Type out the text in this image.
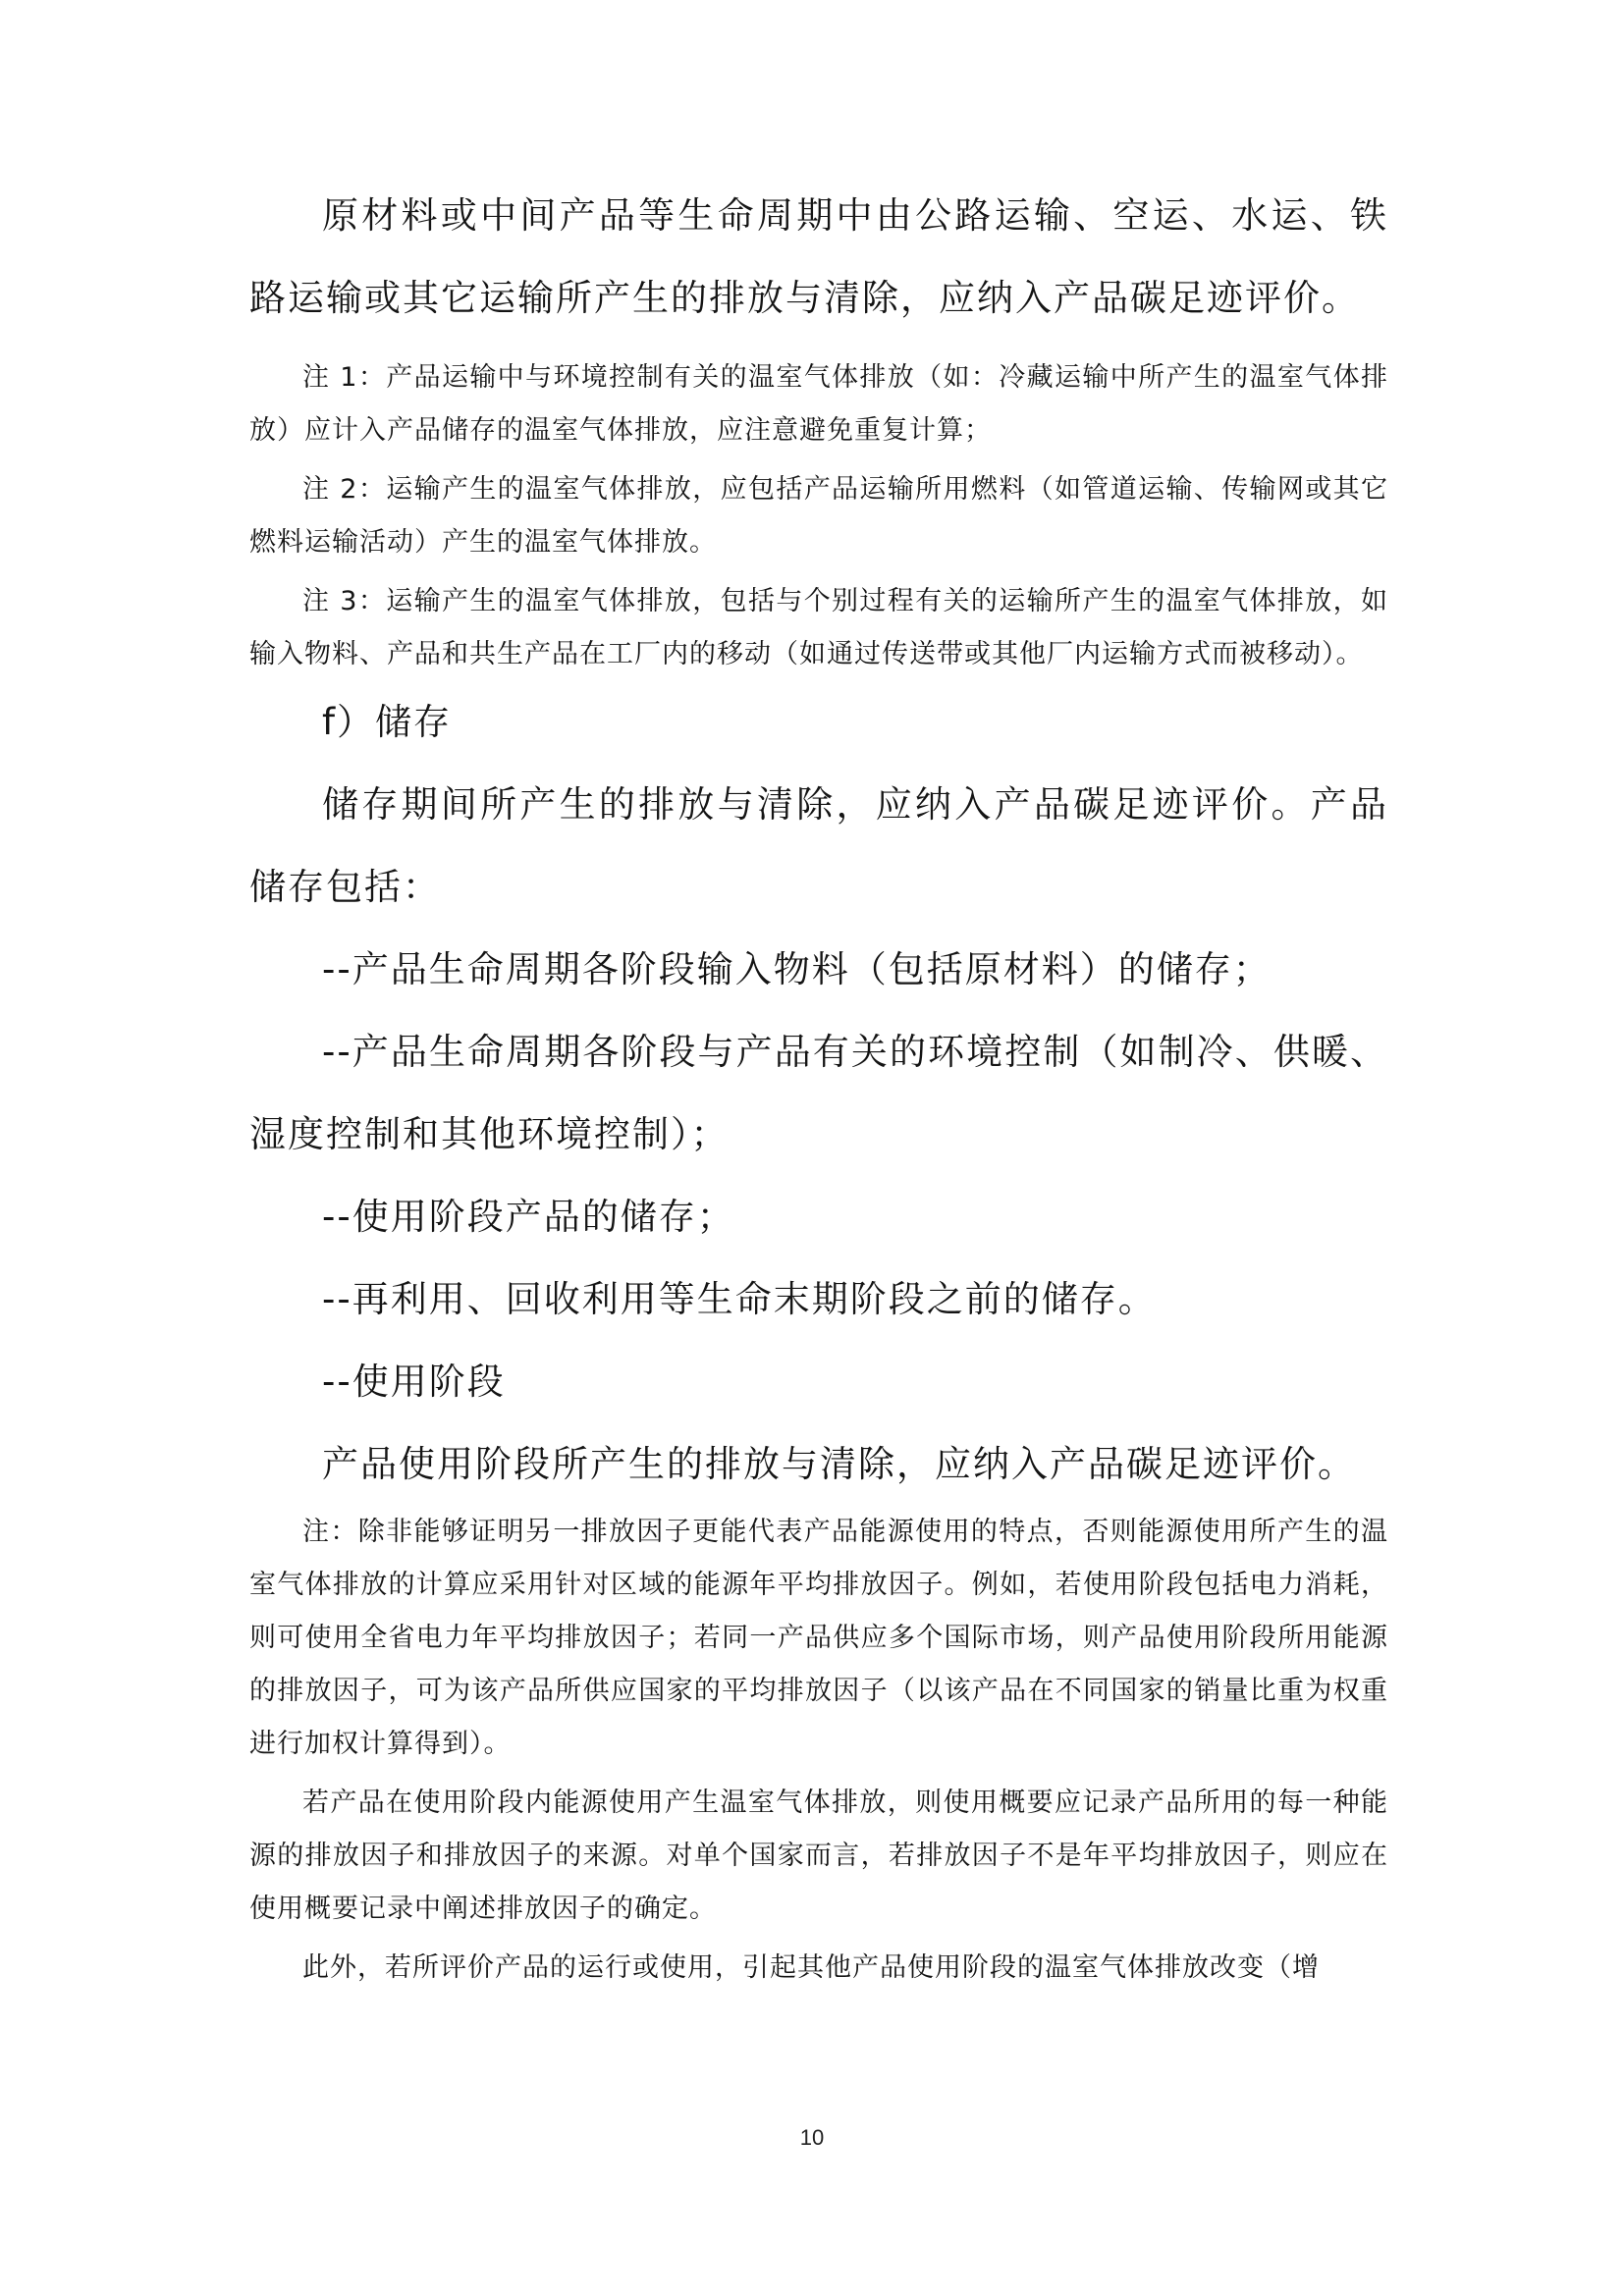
原材料或中间产品等生命周期中由公路运输、空运、水运、铁路运输或其它运输所产生的排放与清除，应纳入产品碳足迹评价。

注 1：产品运输中与环境控制有关的温室气体排放（如：冷藏运输中所产生的温室气体排放）应计入产品储存的温室气体排放，应注意避免重复计算；

注 2：运输产生的温室气体排放，应包括产品运输所用燃料（如管道运输、传输网或其它燃料运输活动）产生的温室气体排放。

注 3：运输产生的温室气体排放，包括与个别过程有关的运输所产生的温室气体排放，如输入物料、产品和共生产品在工厂内的移动（如通过传送带或其他厂内运输方式而被移动）。

f）储存

储存期间所产生的排放与清除，应纳入产品碳足迹评价。产品储存包括：

--产品生命周期各阶段输入物料（包括原材料）的储存；

--产品生命周期各阶段与产品有关的环境控制（如制冷、供暖、湿度控制和其他环境控制）；

--使用阶段产品的储存；

--再利用、回收利用等生命末期阶段之前的储存。

--使用阶段

产品使用阶段所产生的排放与清除，应纳入产品碳足迹评价。

注：除非能够证明另一排放因子更能代表产品能源使用的特点，否则能源使用所产生的温室气体排放的计算应采用针对区域的能源年平均排放因子。例如，若使用阶段包括电力消耗，则可使用全省电力年平均排放因子；若同一产品供应多个国际市场，则产品使用阶段所用能源的排放因子，可为该产品所供应国家的平均排放因子（以该产品在不同国家的销量比重为权重进行加权计算得到）。

若产品在使用阶段内能源使用产生温室气体排放，则使用概要应记录产品所用的每一种能源的排放因子和排放因子的来源。对单个国家而言，若排放因子不是年平均排放因子，则应在使用概要记录中阐述排放因子的确定。

此外，若所评价产品的运行或使用，引起其他产品使用阶段的温室气体排放改变（增

10
